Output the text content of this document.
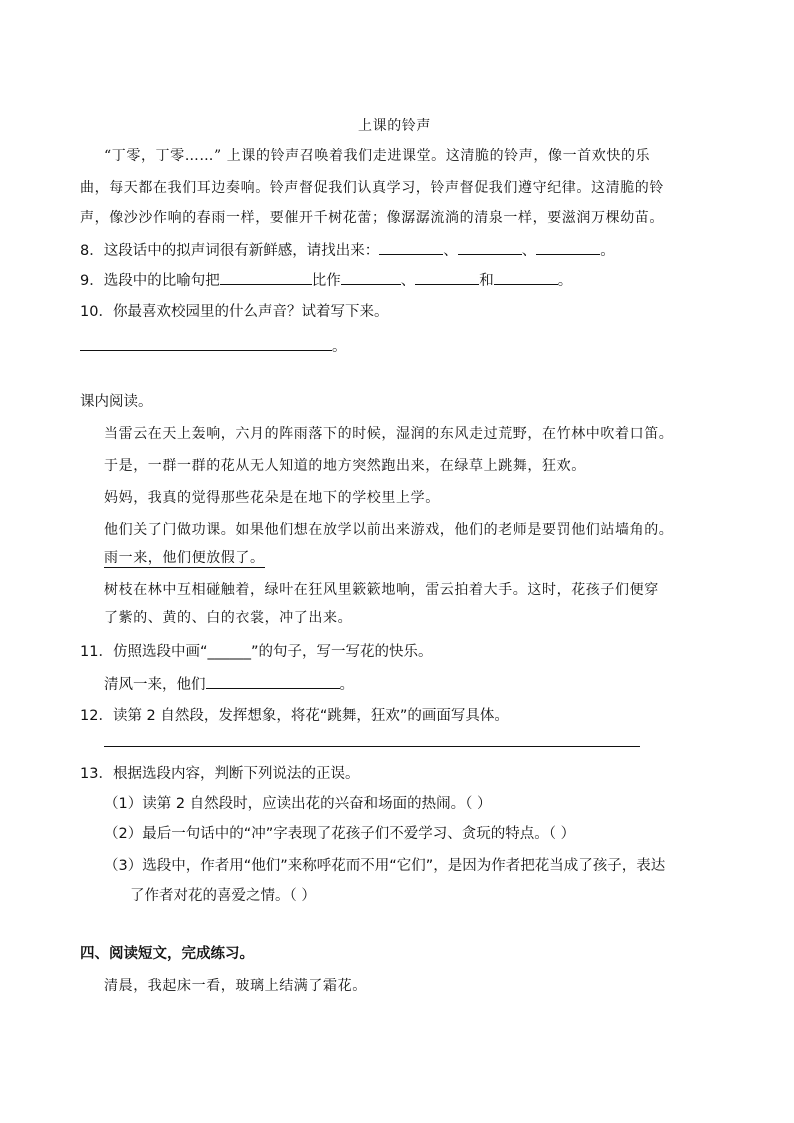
上课的铃声
“丁零，丁零……” 上课的铃声召唤着我们走进课堂。这清脆的铃声，像一首欢快的乐
曲，每天都在我们耳边奏响。铃声督促我们认真学习，铃声督促我们遵守纪律。这清脆的铃
声，像沙沙作响的春雨一样，要催开千树花蕾；像潺潺流淌的清泉一样，要滋润万棵幼苗。
8．这段话中的拟声词很有新鲜感，请找出来：	、	、	。
9．选段中的比喻句把	比作	、	和	。
10．你最喜欢校园里的什么声音？试着写下来。
。
课内阅读。
当雷云在天上轰响，六月的阵雨落下的时候，湿润的东风走过荒野，在竹林中吹着口笛。
于是，一群一群的花从无人知道的地方突然跑出来，在绿草上跳舞，狂欢。
妈妈，我真的觉得那些花朵是在地下的学校里上学。
他们关了门做功课。如果他们想在放学以前出来游戏，他们的老师是要罚他们站墙角的。
雨一来，他们便放假了。
树枝在林中互相碰触着，绿叶在狂风里簌簌地响，雷云拍着大手。这时，花孩子们便穿
了紫的、黄的、白的衣裳，冲了出来。
11．仿照选段中画“______”的句子，写一写花的快乐。
清风一来，他们	。
12．读第 2 自然段，发挥想象，将花“跳舞，狂欢”的画面写具体。
13．根据选段内容，判断下列说法的正误。
（1）读第 2 自然段时，应读出花的兴奋和场面的热闹。（ ）
（2）最后一句话中的“冲”字表现了花孩子们不爱学习、贪玩的特点。（ ）
（3）选段中，作者用“他们”来称呼花而不用“它们”，是因为作者把花当成了孩子，表达
了作者对花的喜爱之情。（ ）
四、阅读短文，完成练习。
清晨，我起床一看，玻璃上结满了霜花。
